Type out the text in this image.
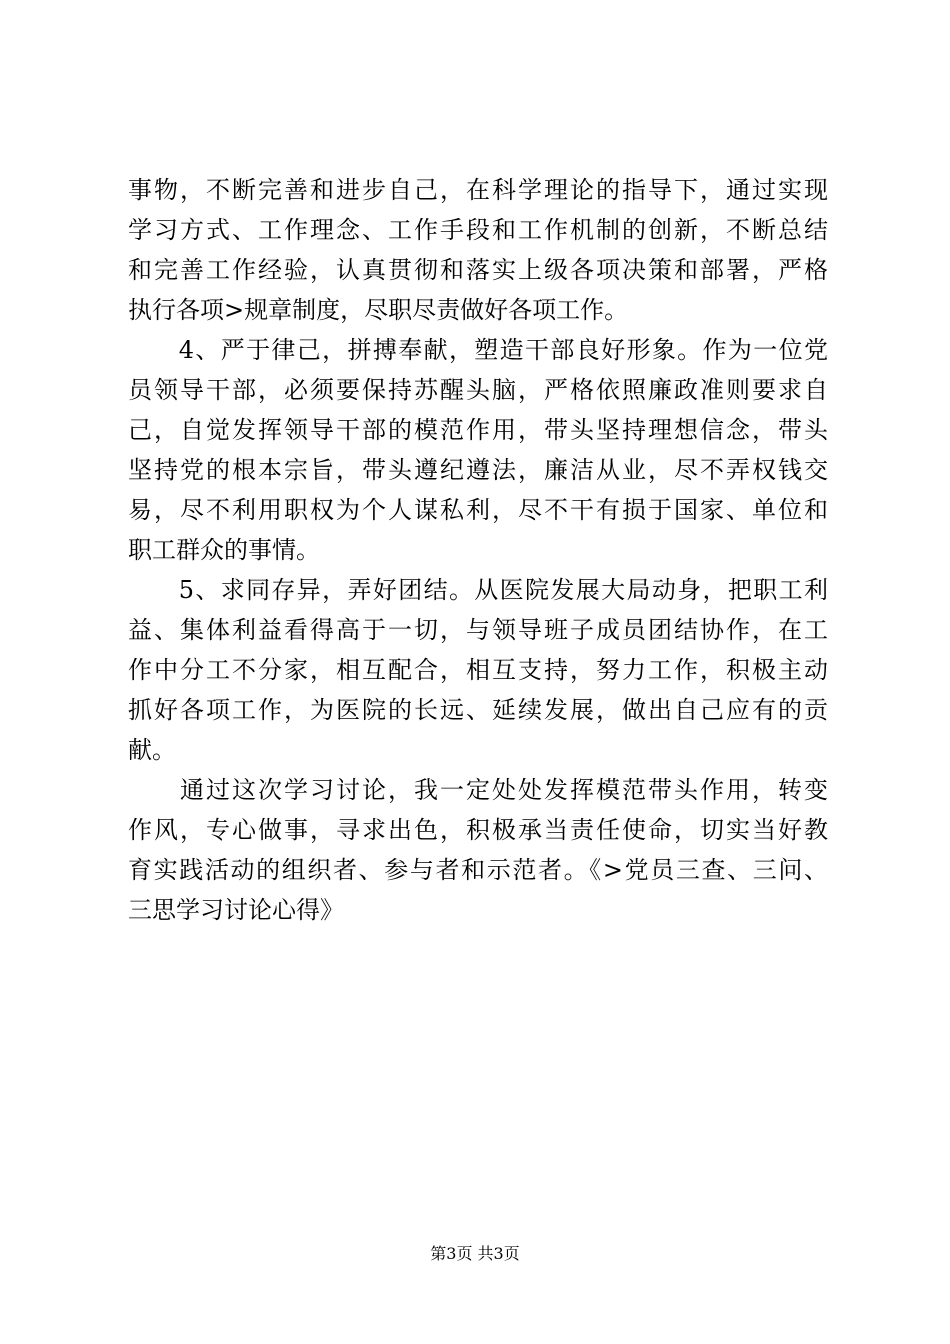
事物，不断完善和进步自己，在科学理论的指导下，通过实现
学习方式、工作理念、工作手段和工作机制的创新，不断总结
和完善工作经验，认真贯彻和落实上级各项决策和部署，严格
执行各项>规章制度，尽职尽责做好各项工作。
　　4、严于律己，拼搏奉献，塑造干部良好形象。作为一位党
员领导干部，必须要保持苏醒头脑，严格依照廉政准则要求自
己，自觉发挥领导干部的模范作用，带头坚持理想信念，带头
坚持党的根本宗旨，带头遵纪遵法，廉洁从业，尽不弄权钱交
易，尽不利用职权为个人谋私利，尽不干有损于国家、单位和
职工群众的事情。
　　5、求同存异，弄好团结。从医院发展大局动身，把职工利
益、集体利益看得高于一切，与领导班子成员团结协作，在工
作中分工不分家，相互配合，相互支持，努力工作，积极主动
抓好各项工作，为医院的长远、延续发展，做出自己应有的贡
献。
　　通过这次学习讨论，我一定处处发挥模范带头作用，转变
作风，专心做事，寻求出色，积极承当责任使命，切实当好教
育实践活动的组织者、参与者和示范者。《>党员三查、三问、
三思学习讨论心得》
第3页 共3页
